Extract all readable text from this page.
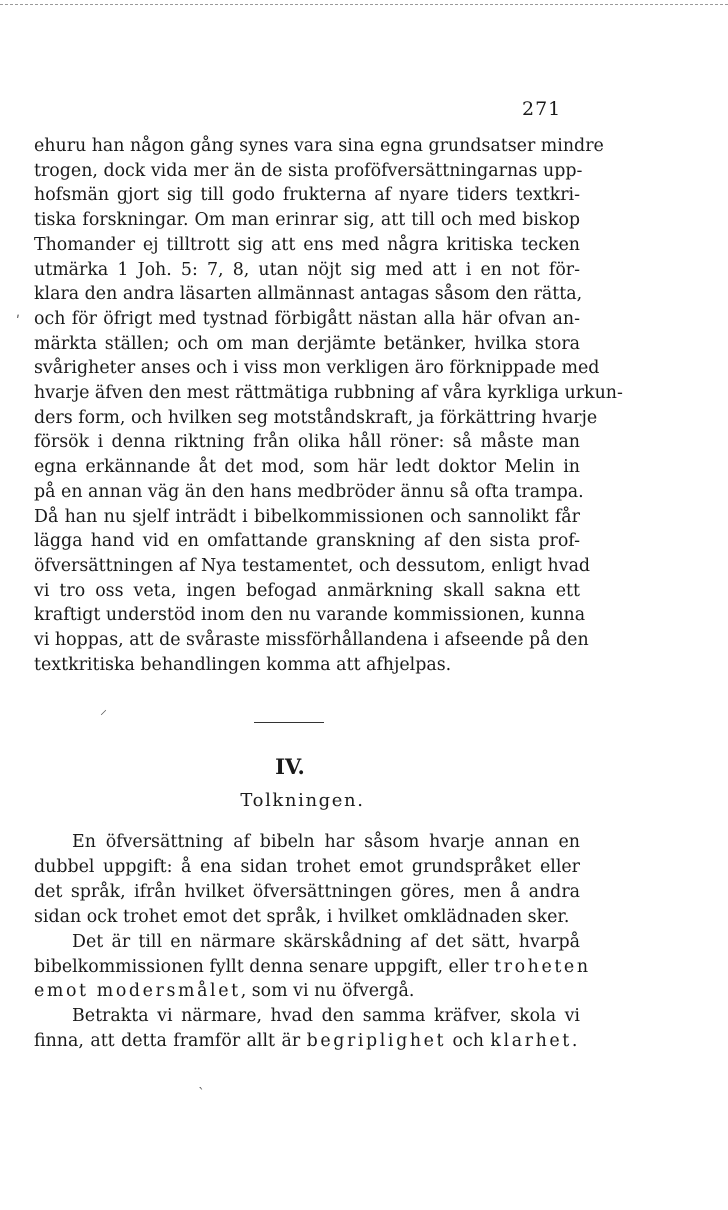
271
ʹ
⸝
ˋ
ehuru han någon gång synes vara sina egna grundsatser mindre
trogen, dock vida mer än de sista proföfversättningarnas upp-
hofsmän gjort sig till godo frukterna af nyare tiders textkri-
tiska forskningar. Om man erinrar sig, att till och med biskop
Thomander ej tilltrott sig att ens med några kritiska tecken
utmärka 1 Joh. 5: 7, 8, utan nöjt sig med att i en not för-
klara den andra läsarten allmännast antagas såsom den rätta,
och för öfrigt med tystnad förbigått nästan alla här ofvan an-
märkta ställen; och om man derjämte betänker, hvilka stora
svårigheter anses och i viss mon verkligen äro förknippade med
hvarje äfven den mest rättmätiga rubbning af våra kyrkliga urkun-
ders form, och hvilken seg motståndskraft, ja förkättring hvarje
försök i denna riktning från olika håll röner: så måste man
egna erkännande åt det mod, som här ledt doktor Melin in
på en annan väg än den hans medbröder ännu så ofta trampa.
Då han nu sjelf inträdt i bibelkommissionen och sannolikt får
lägga hand vid en omfattande granskning af den sista prof-
öfversättningen af Nya testamentet, och dessutom, enligt hvad
vi tro oss veta, ingen befogad anmärkning skall sakna ett
kraftigt understöd inom den nu varande kommissionen, kunna
vi hoppas, att de svåraste missförhållandena i afseende på den
textkritiska behandlingen komma att afhjelpas.
IV.
Tolkningen.
En öfversättning af bibeln har såsom hvarje annan en
dubbel uppgift: å ena sidan trohet emot grundspråket eller
det språk, ifrån hvilket öfversättningen göres, men å andra
sidan ock trohet emot det språk, i hvilket omklädnaden sker.
Det är till en närmare skärskådning af det sätt, hvarpå
bibelkommissionen fyllt denna senare uppgift, eller troheten
emot modersmålet, som vi nu öfvergå.
Betrakta vi närmare, hvad den samma kräfver, skola vi
finna, att detta framför allt är begriplighet och klarhet.
